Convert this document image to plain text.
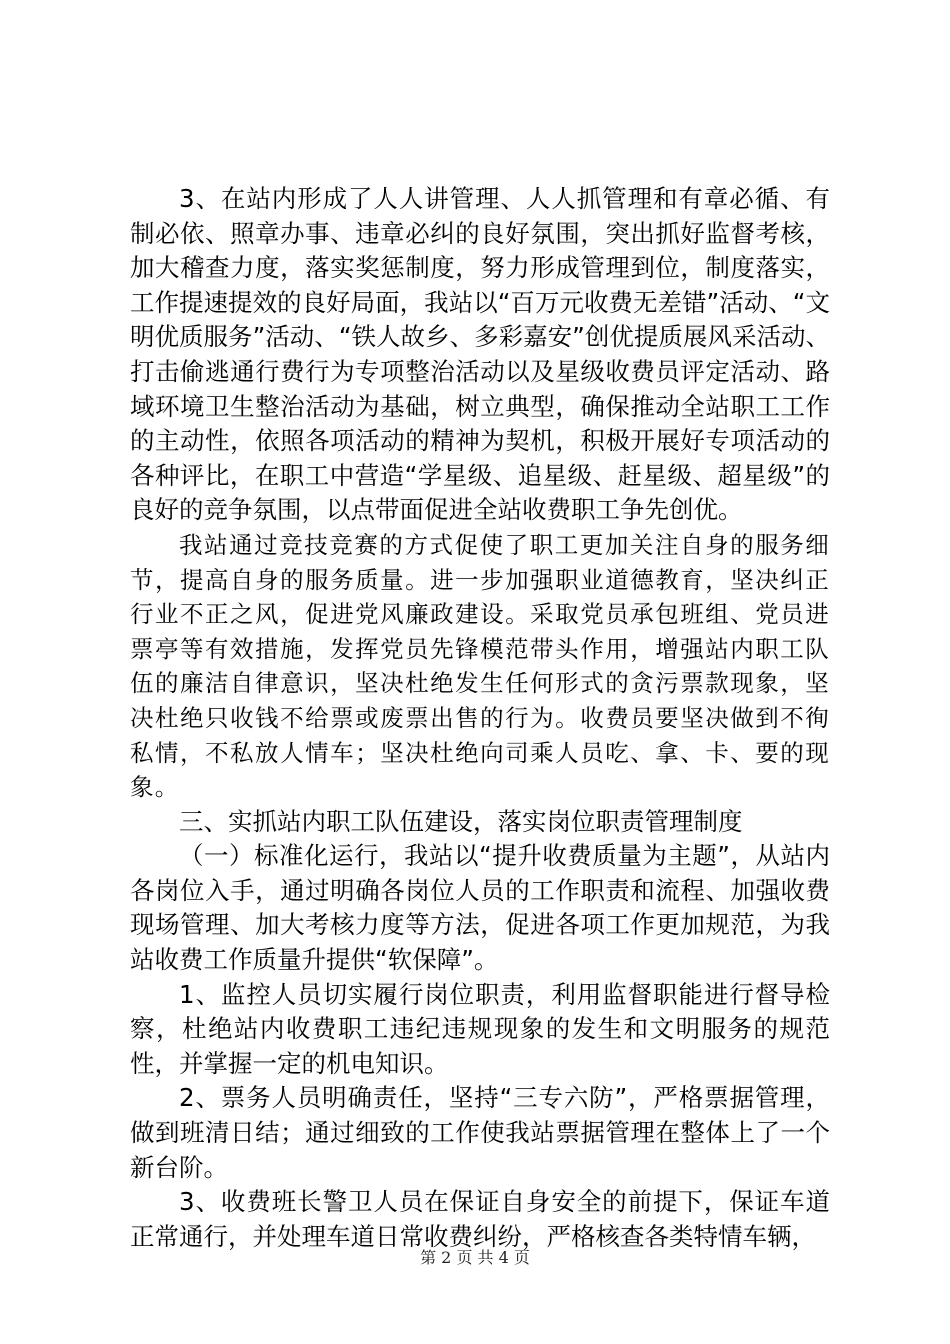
3、在站内形成了人人讲管理、人人抓管理和有章必循、有制必依、照章办事、违章必纠的良好氛围，突出抓好监督考核，加大稽查力度，落实奖惩制度，努力形成管理到位，制度落实，工作提速提效的良好局面，我站以“百万元收费无差错”活动、“文明优质服务”活动、“铁人故乡、多彩嘉安”创优提质展风采活动、打击偷逃通行费行为专项整治活动以及星级收费员评定活动、路域环境卫生整治活动为基础，树立典型，确保推动全站职工工作的主动性，依照各项活动的精神为契机，积极开展好专项活动的各种评比，在职工中营造“学星级、追星级、赶星级、超星级”的良好的竞争氛围，以点带面促进全站收费职工争先创优。

我站通过竞技竞赛的方式促使了职工更加关注自身的服务细节，提高自身的服务质量。进一步加强职业道德教育，坚决纠正行业不正之风，促进党风廉政建设。采取党员承包班组、党员进票亭等有效措施，发挥党员先锋模范带头作用，增强站内职工队伍的廉洁自律意识，坚决杜绝发生任何形式的贪污票款现象，坚决杜绝只收钱不给票或废票出售的行为。收费员要坚决做到不徇私情，不私放人情车；坚决杜绝向司乘人员吃、拿、卡、要的现象。

三、实抓站内职工队伍建设，落实岗位职责管理制度

（一）标准化运行，我站以“提升收费质量为主题”，从站内各岗位入手，通过明确各岗位人员的工作职责和流程、加强收费现场管理、加大考核力度等方法，促进各项工作更加规范，为我站收费工作质量升提供“软保障”。

1、监控人员切实履行岗位职责，利用监督职能进行督导检察，杜绝站内收费职工违纪违规现象的发生和文明服务的规范性，并掌握一定的机电知识。

2、票务人员明确责任，坚持“三专六防”，严格票据管理，做到班清日结；通过细致的工作使我站票据管理在整体上了一个新台阶。

3、收费班长警卫人员在保证自身安全的前提下，保证车道正常通行，并处理车道日常收费纠纷，严格核查各类特情车辆，

第 2 页 共 4 页
